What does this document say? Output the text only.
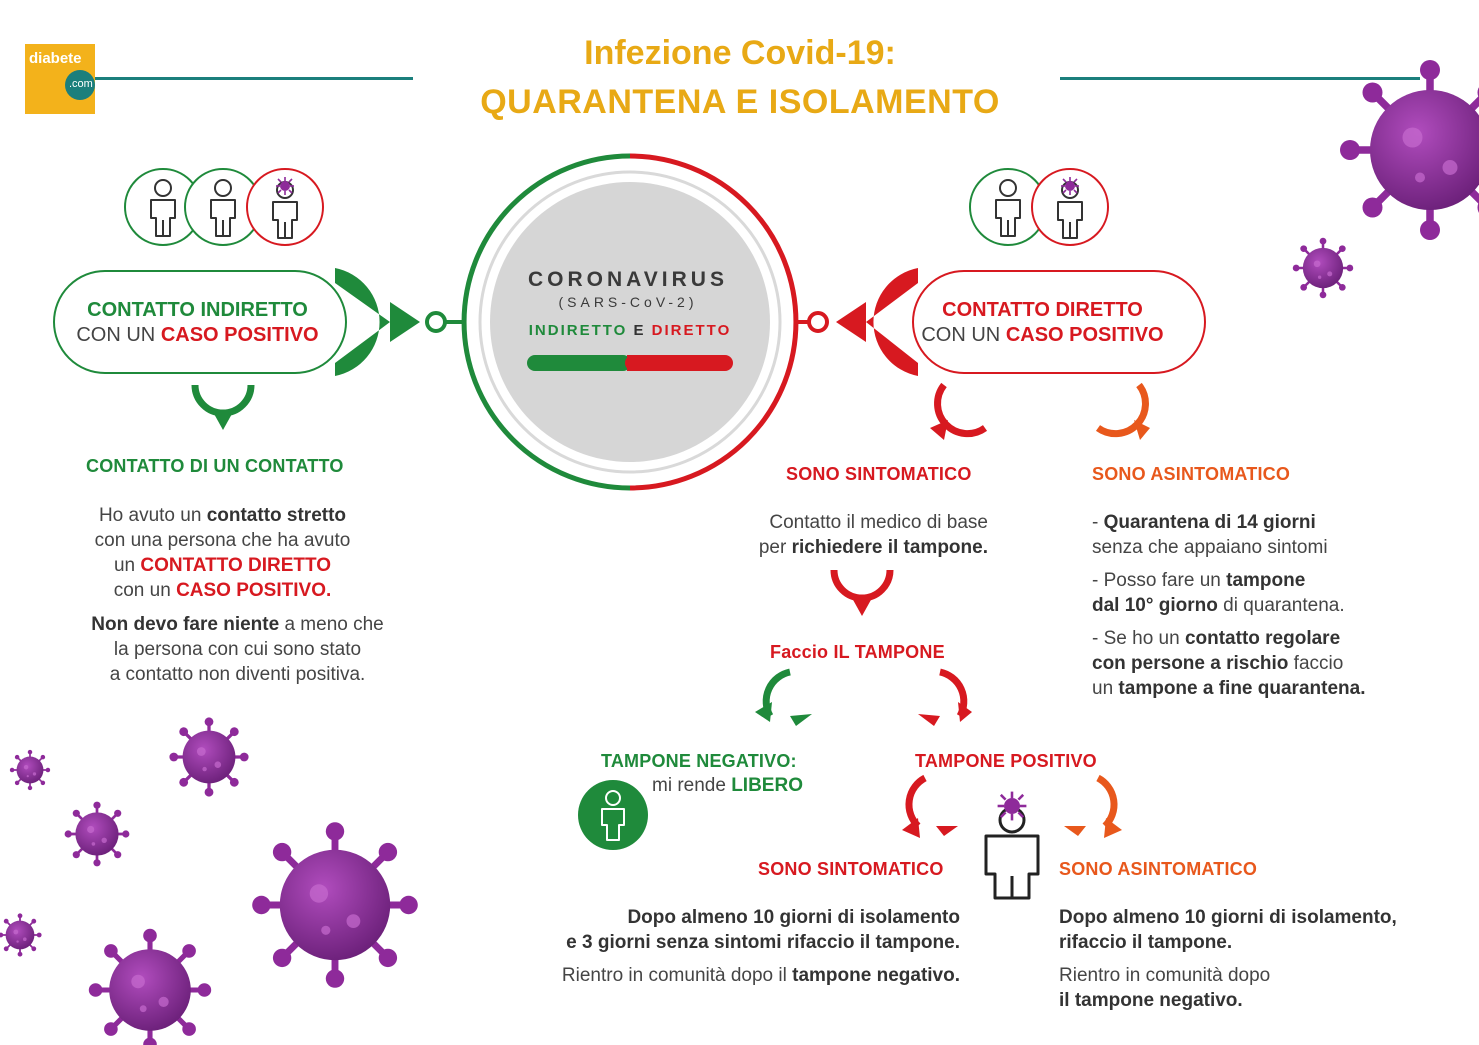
diabete
.com
Infezione Covid-19:
QUARANTENA E ISOLAMENTO
CORONAVIRUS
(SARS-CoV-2)
INDIRETTO E DIRETTO
CONTATTO INDIRETTO
CON UN CASO POSITIVO
CONTATTO DIRETTO
CON UN CASO POSITIVO
CONTATTO DI UN CONTATTO
Ho avuto un contatto stretto
con una persona che ha avuto
un CONTATTO DIRETTO
con un CASO POSITIVO.
Non devo fare niente a meno che
la persona con cui sono stato
a contatto non diventi positiva.
SONO SINTOMATICO
Contatto il medico di base
per richiedere il tampone.
SONO ASINTOMATICO
- Quarantena di 14 giorni
senza che appaiano sintomi
- Posso fare un tampone
dal 10° giorno di quarantena.
- Se ho un contatto regolare
con persone a rischio faccio
un tampone a fine quarantena.
Faccio IL TAMPONE
TAMPONE NEGATIVO:
mi rende LIBERO
TAMPONE POSITIVO
SONO SINTOMATICO
Dopo almeno 10 giorni di isolamento
e 3 giorni senza sintomi rifaccio il tampone.
Rientro in comunità dopo il tampone negativo.
SONO ASINTOMATICO
Dopo almeno 10 giorni di isolamento,
rifaccio il tampone.
Rientro in comunità dopo
il tampone negativo.
